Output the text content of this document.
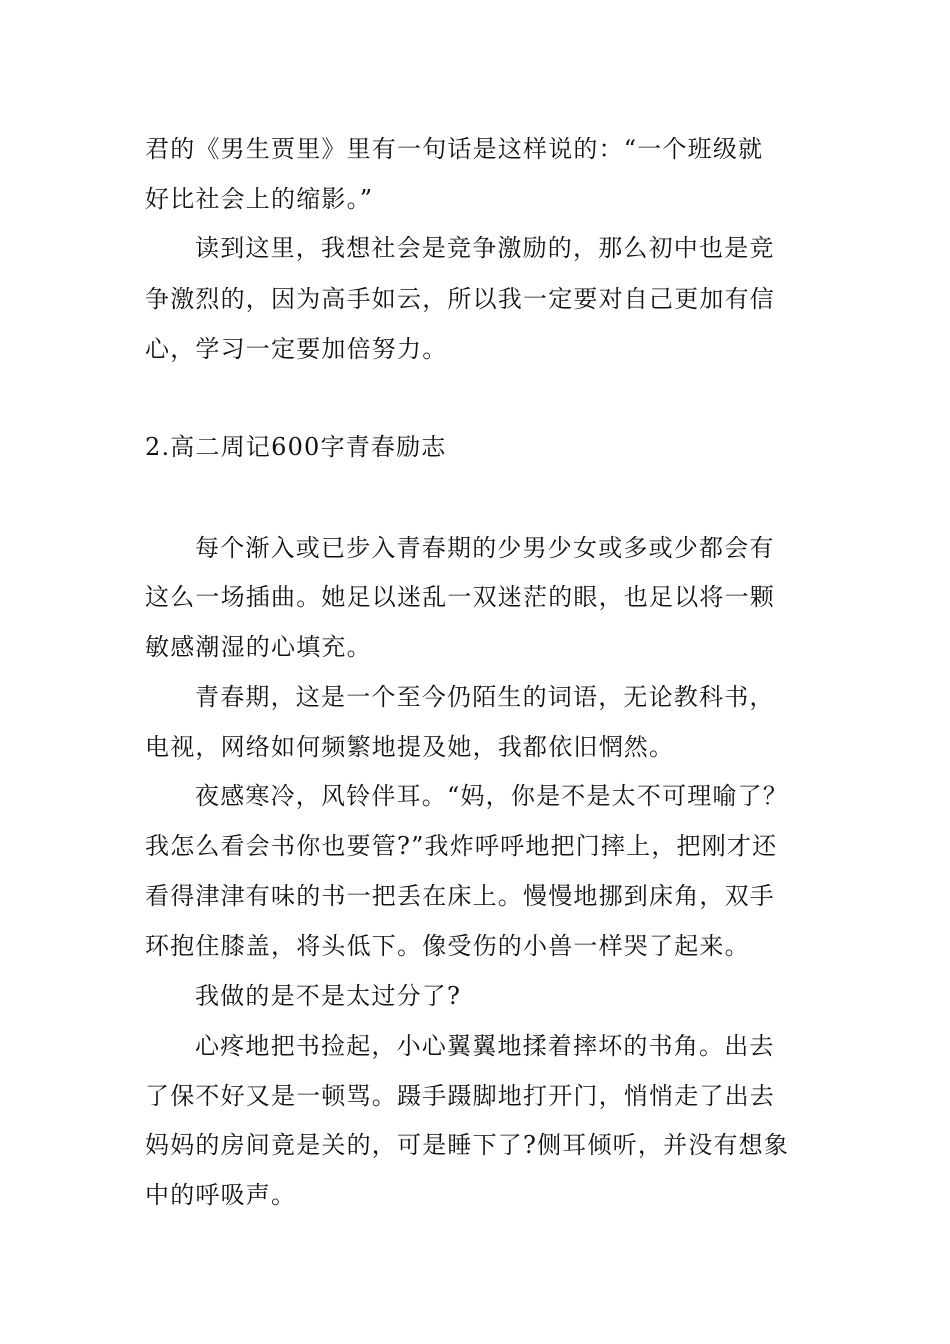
君的《男生贾里》里有一句话是这样说的：“一个班级就
好比社会上的缩影。”
读到这里，我想社会是竞争激励的，那么初中也是竞
争激烈的，因为高手如云，所以我一定要对自己更加有信
心，学习一定要加倍努力。
2.高二周记600字青春励志
每个渐入或已步入青春期的少男少女或多或少都会有
这么一场插曲。她足以迷乱一双迷茫的眼，也足以将一颗
敏感潮湿的心填充。
青春期，这是一个至今仍陌生的词语，无论教科书，
电视，网络如何频繁地提及她，我都依旧惘然。
夜感寒冷，风铃伴耳。“妈，你是不是太不可理喻了？
我怎么看会书你也要管?”我炸呼呼地把门摔上，把刚才还
看得津津有味的书一把丢在床上。慢慢地挪到床角，双手
环抱住膝盖，将头低下。像受伤的小兽一样哭了起来。
我做的是不是太过分了?
心疼地把书捡起，小心翼翼地揉着摔坏的书角。出去
了保不好又是一顿骂。蹑手蹑脚地打开门，悄悄走了出去
妈妈的房间竟是关的，可是睡下了?侧耳倾听，并没有想象
中的呼吸声。
